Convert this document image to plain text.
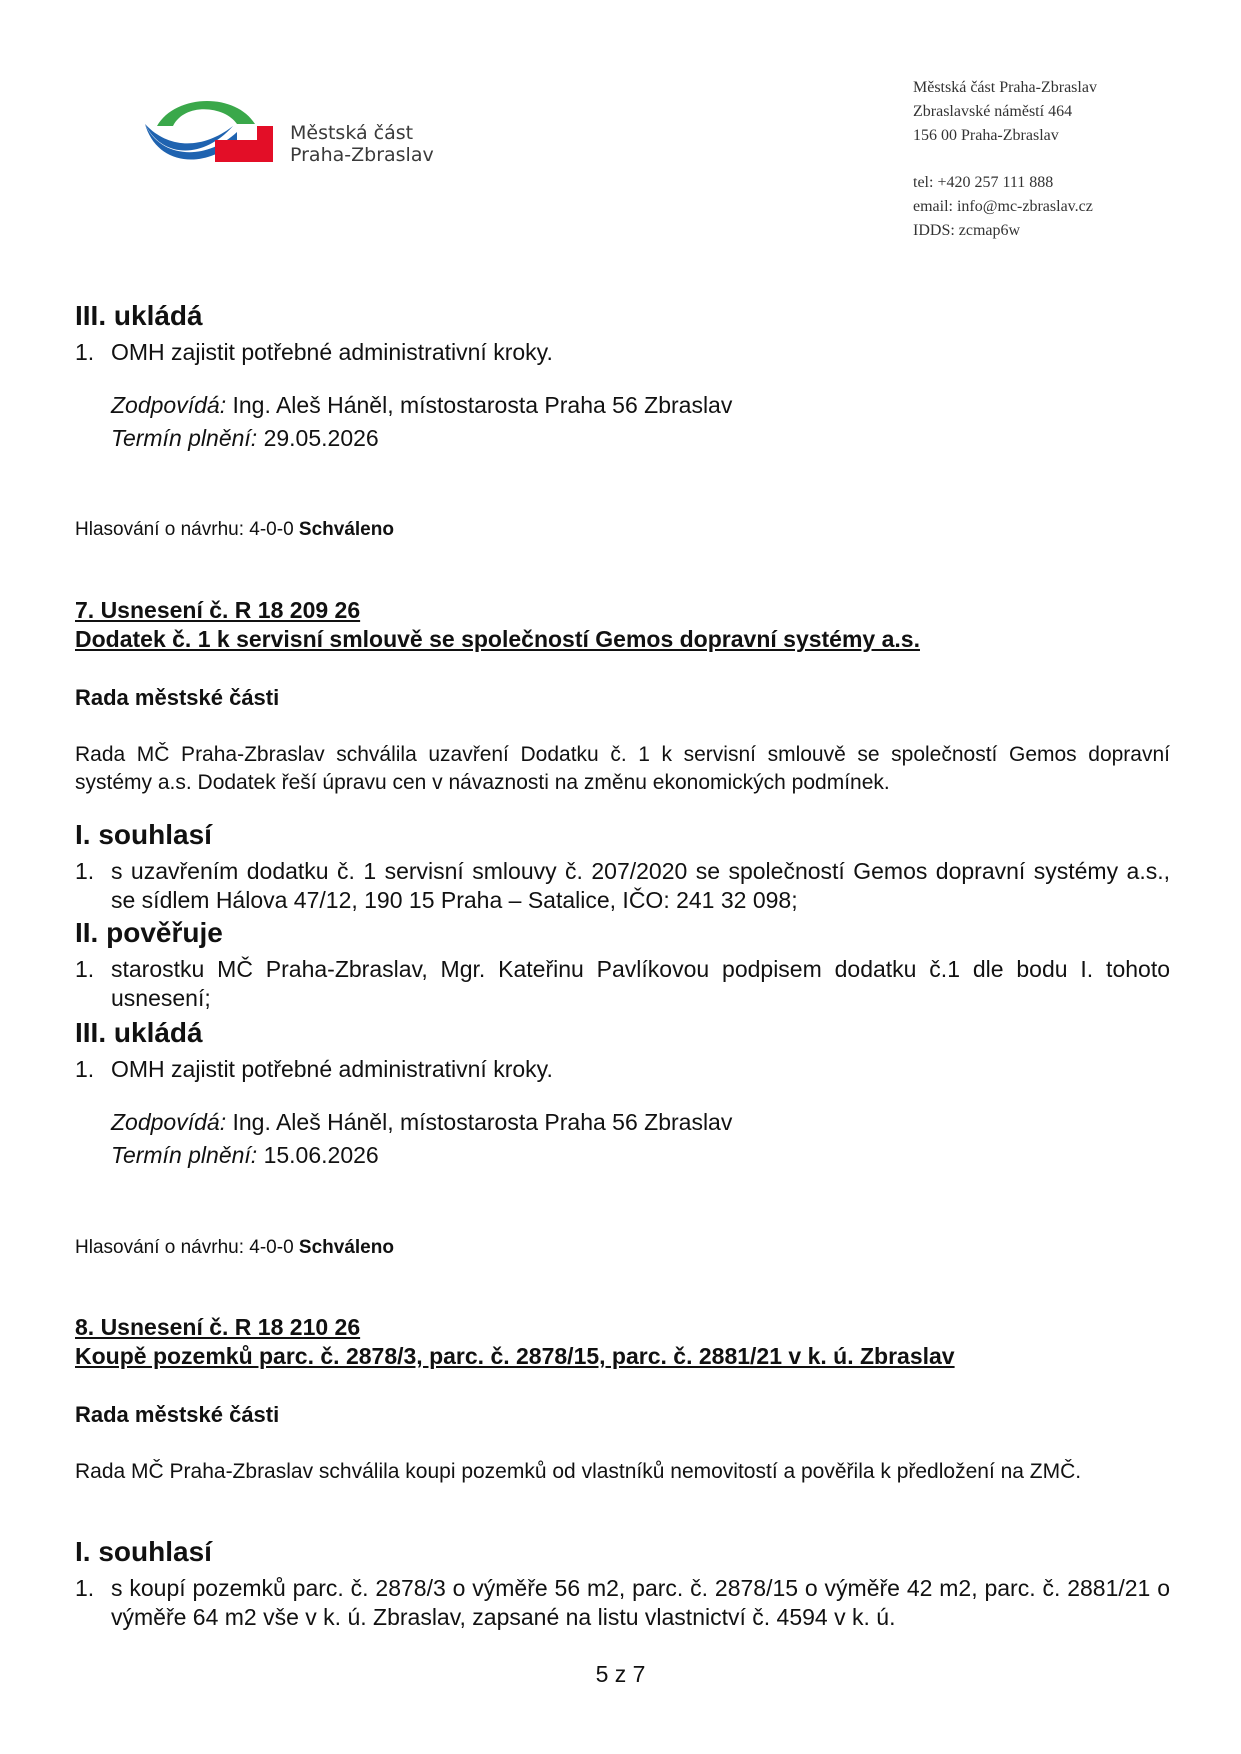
Městská část
Praha-Zbraslav
Městská část Praha-Zbraslav
Zbraslavské náměstí 464
156 00 Praha-Zbraslav
tel: +420 257 111 888
email: info@mc-zbraslav.cz
IDDS: zcmap6w
III. ukládá
1. OMH zajistit potřebné administrativní kroky.
Zodpovídá: Ing. Aleš Háněl, místostarosta Praha 56 Zbraslav
Termín plnění: 29.05.2026
Hlasování o návrhu: 4-0-0 Schváleno
7. Usnesení č. R 18 209 26
Dodatek č. 1 k servisní smlouvě se společností Gemos dopravní systémy a.s.
Rada městské části
Rada MČ Praha-Zbraslav schválila uzavření Dodatku č. 1 k servisní smlouvě se společností Gemos dopravní systémy a.s. Dodatek řeší úpravu cen v návaznosti na změnu ekonomických podmínek.
I. souhlasí
1. s uzavřením dodatku č. 1 servisní smlouvy č. 207/2020 se společností Gemos dopravní systémy a.s., se sídlem Hálova 47/12, 190 15 Praha – Satalice, IČO: 241 32 098;
II. pověřuje
1. starostku MČ Praha-Zbraslav, Mgr. Kateřinu Pavlíkovou podpisem dodatku č.1 dle bodu I. tohoto usnesení;
III. ukládá
1. OMH zajistit potřebné administrativní kroky.
Zodpovídá: Ing. Aleš Háněl, místostarosta Praha 56 Zbraslav
Termín plnění: 15.06.2026
Hlasování o návrhu: 4-0-0 Schváleno
8. Usnesení č. R 18 210 26
Koupě pozemků parc. č. 2878/3, parc. č. 2878/15, parc. č. 2881/21 v k. ú. Zbraslav
Rada městské části
Rada MČ Praha-Zbraslav schválila koupi pozemků od vlastníků nemovitostí a pověřila k předložení na ZMČ.
I. souhlasí
1. s koupí pozemků parc. č. 2878/3 o výměře 56 m2, parc. č. 2878/15 o výměře 42 m2, parc. č. 2881/21 o výměře 64 m2 vše v k. ú. Zbraslav, zapsané na listu vlastnictví č. 4594 v k. ú.
5 z 7
